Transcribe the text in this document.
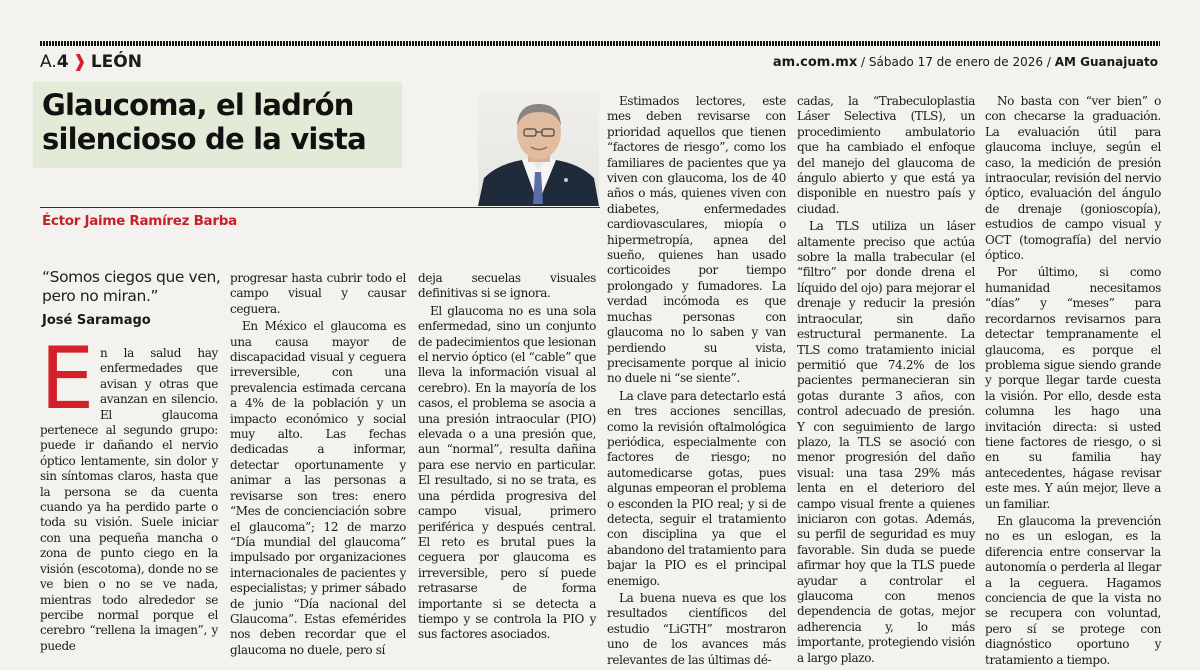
A.4 ❱ LEÓN	am.com.mx / Sábado 17 de enero de 2026 / AM Guanajuato
Glaucoma, el ladrón
silencioso de la vista
Éctor Jaime Ramírez Barba
“Somos ciegos que ven, pero no miran.”
José Saramago
E n la salud hay enfermedades que avisan y otras que avanzan en silencio. El glaucoma pertenece al segundo grupo: puede ir dañando el nervio óptico lentamente, sin dolor y sin síntomas claros, hasta que la persona se da cuenta cuando ya ha perdido parte o toda su visión. Suele iniciar con una pequeña mancha o zona de punto ciego en la visión (escotoma), donde no se ve bien o no se ve nada, mientras todo alrededor se percibe normal porque el cerebro “rellena la imagen”, y puede

progresar hasta cubrir todo el campo visual y causar ceguera.

En México el glaucoma es una causa mayor de discapacidad visual y ceguera irreversible, con una prevalencia estimada cercana a 4% de la población y un impacto económico y social muy alto. Las fechas dedicadas a informar, detectar oportunamente y animar a las personas a revisarse son tres: enero “Mes de concienciación sobre el glaucoma”; 12 de marzo “Día mundial del glaucoma” impulsado por organizaciones internacionales de pacientes y especialistas; y primer sábado de junio “Día nacional del Glaucoma”. Estas efemérides nos deben recordar que el glaucoma no duele, pero sí

deja secuelas visuales definitivas si se ignora.

El glaucoma no es una sola enfermedad, sino un conjunto de padecimientos que lesionan el nervio óptico (el “cable” que lleva la información visual al cerebro). En la mayoría de los casos, el problema se asocia a una presión intraocular (PIO) elevada o a una presión que, aun “normal”, resulta dañina para ese nervio en particular. El resultado, si no se trata, es una pérdida progresiva del campo visual, primero periférica y después central. El reto es brutal pues la ceguera por glaucoma es irreversible, pero sí puede retrasarse de forma importante si se detecta a tiempo y se controla la PIO y sus factores asociados.

Estimados lectores, este mes deben revisarse con prioridad aquellos que tienen “factores de riesgo”, como los familiares de pacientes que ya viven con glaucoma, los de 40 años o más, quienes viven con diabetes, enfermedades cardiovasculares, miopía o hipermetropía, apnea del sueño, quienes han usado corticoides por tiempo prolongado y fumadores. La verdad incómoda es que muchas personas con glaucoma no lo saben y van perdiendo su vista, precisamente porque al inicio no duele ni “se siente”.

La clave para detectarlo está en tres acciones sencillas, como la revisión oftalmológica periódica, especialmente con factores de riesgo; no automedicarse gotas, pues algunas empeoran el problema o esconden la PIO real; y si de detecta, seguir el tratamiento con disciplina ya que el abandono del tratamiento para bajar la PIO es el principal enemigo.

La buena nueva es que los resultados científicos del estudio “LiGTH” mostraron uno de los avances más relevantes de las últimas dé-

cadas, la “Trabeculoplastia Láser Selectiva (TLS), un procedimiento ambulatorio que ha cambiado el enfoque del manejo del glaucoma de ángulo abierto y que está ya disponible en nuestro país y ciudad.

La TLS utiliza un láser altamente preciso que actúa sobre la malla trabecular (el “filtro” por donde drena el líquido del ojo) para mejorar el drenaje y reducir la presión intraocular, sin daño estructural permanente. La TLS como tratamiento inicial permitió que 74.2% de los pacientes permanecieran sin gotas durante 3 años, con control adecuado de presión. Y con seguimiento de largo plazo, la TLS se asoció con menor progresión del daño visual: una tasa 29% más lenta en el deterioro del campo visual frente a quienes iniciaron con gotas. Además, su perfil de seguridad es muy favorable. Sin duda se puede afirmar hoy que la TLS puede ayudar a controlar el glaucoma con menos dependencia de gotas, mejor adherencia y, lo más importante, protegiendo visión a largo plazo.

No basta con “ver bien” o con checarse la graduación. La evaluación útil para glaucoma incluye, según el caso, la medición de presión intraocular, revisión del nervio óptico, evaluación del ángulo de drenaje (gonioscopía), estudios de campo visual y OCT (tomografía) del nervio óptico.

Por último, si como humanidad necesitamos “días” y “meses” para recordarnos revisarnos para detectar tempranamente el glaucoma, es porque el problema sigue siendo grande y porque llegar tarde cuesta la visión. Por ello, desde esta columna les hago una invitación directa: si usted tiene factores de riesgo, o si en su familia hay antecedentes, hágase revisar este mes. Y aún mejor, lleve a un familiar.

En glaucoma la prevención no es un eslogan, es la diferencia entre conservar la autonomía o perderla al llegar a la ceguera. Hagamos conciencia de que la vista no se recupera con voluntad, pero sí se protege con diagnóstico oportuno y tratamiento a tiempo.
